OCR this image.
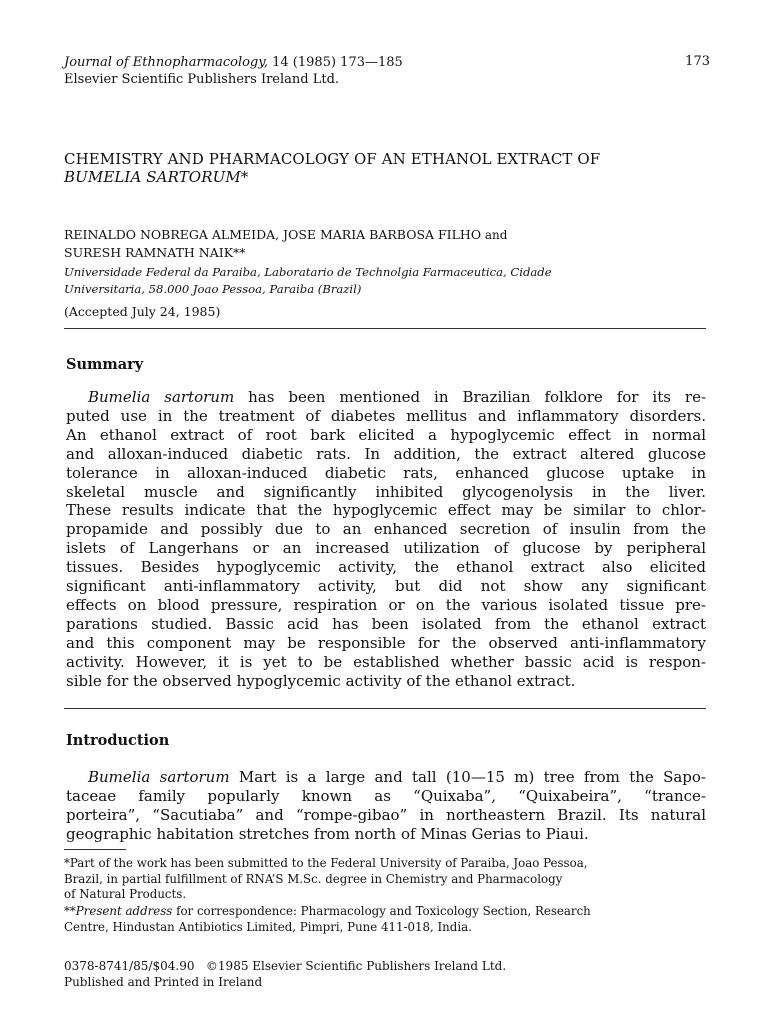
Journal of Ethnopharmacology, 14 (1985) 173—185
Elsevier Scientific Publishers Ireland Ltd.
173
CHEMISTRY AND PHARMACOLOGY OF AN ETHANOL EXTRACT OF
BUMELIA SARTORUM*
REINALDO NOBREGA ALMEIDA, JOSE MARIA BARBOSA FILHO and
SURESH RAMNATH NAIK**
Universidade Federal da Paraiba, Laboratario de Technolgia Farmaceutica, Cidade
Universitaria, 58.000 Joao Pessoa, Paraiba (Brazil)
(Accepted July 24, 1985)
Summary
Bumelia sartorum has been mentioned in Brazilian folklore for its re-
puted use in the treatment of diabetes mellitus and inflammatory disorders.
An ethanol extract of root bark elicited a hypoglycemic effect in normal
and alloxan-induced diabetic rats. In addition, the extract altered glucose
tolerance in alloxan-induced diabetic rats, enhanced glucose uptake in
skeletal muscle and significantly inhibited glycogenolysis in the liver.
These results indicate that the hypoglycemic effect may be similar to chlor-
propamide and possibly due to an enhanced secretion of insulin from the
islets of Langerhans or an increased utilization of glucose by peripheral
tissues. Besides hypoglycemic activity, the ethanol extract also elicited
significant anti-inflammatory activity, but did not show any significant
effects on blood pressure, respiration or on the various isolated tissue pre-
parations studied. Bassic acid has been isolated from the ethanol extract
and this component may be responsible for the observed anti-inflammatory
activity. However, it is yet to be established whether bassic acid is respon-
sible for the observed hypoglycemic activity of the ethanol extract.
Introduction
Bumelia sartorum Mart is a large and tall (10—15 m) tree from the Sapo-
taceae family popularly known as “Quixaba”, “Quixabeira”, “trance-
porteira”, “Sacutiaba” and “rompe-gibao” in northeastern Brazil. Its natural
geographic habitation stretches from north of Minas Gerias to Piaui.
*Part of the work has been submitted to the Federal University of Paraiba, Joao Pessoa,
Brazil, in partial fulfillment of RNA’S M.Sc. degree in Chemistry and Pharmacology
of Natural Products.
**Present address for correspondence: Pharmacology and Toxicology Section, Research
Centre, Hindustan Antibiotics Limited, Pimpri, Pune 411-018, India.
0378-8741/85/$04.90   ©1985 Elsevier Scientific Publishers Ireland Ltd.
Published and Printed in Ireland
